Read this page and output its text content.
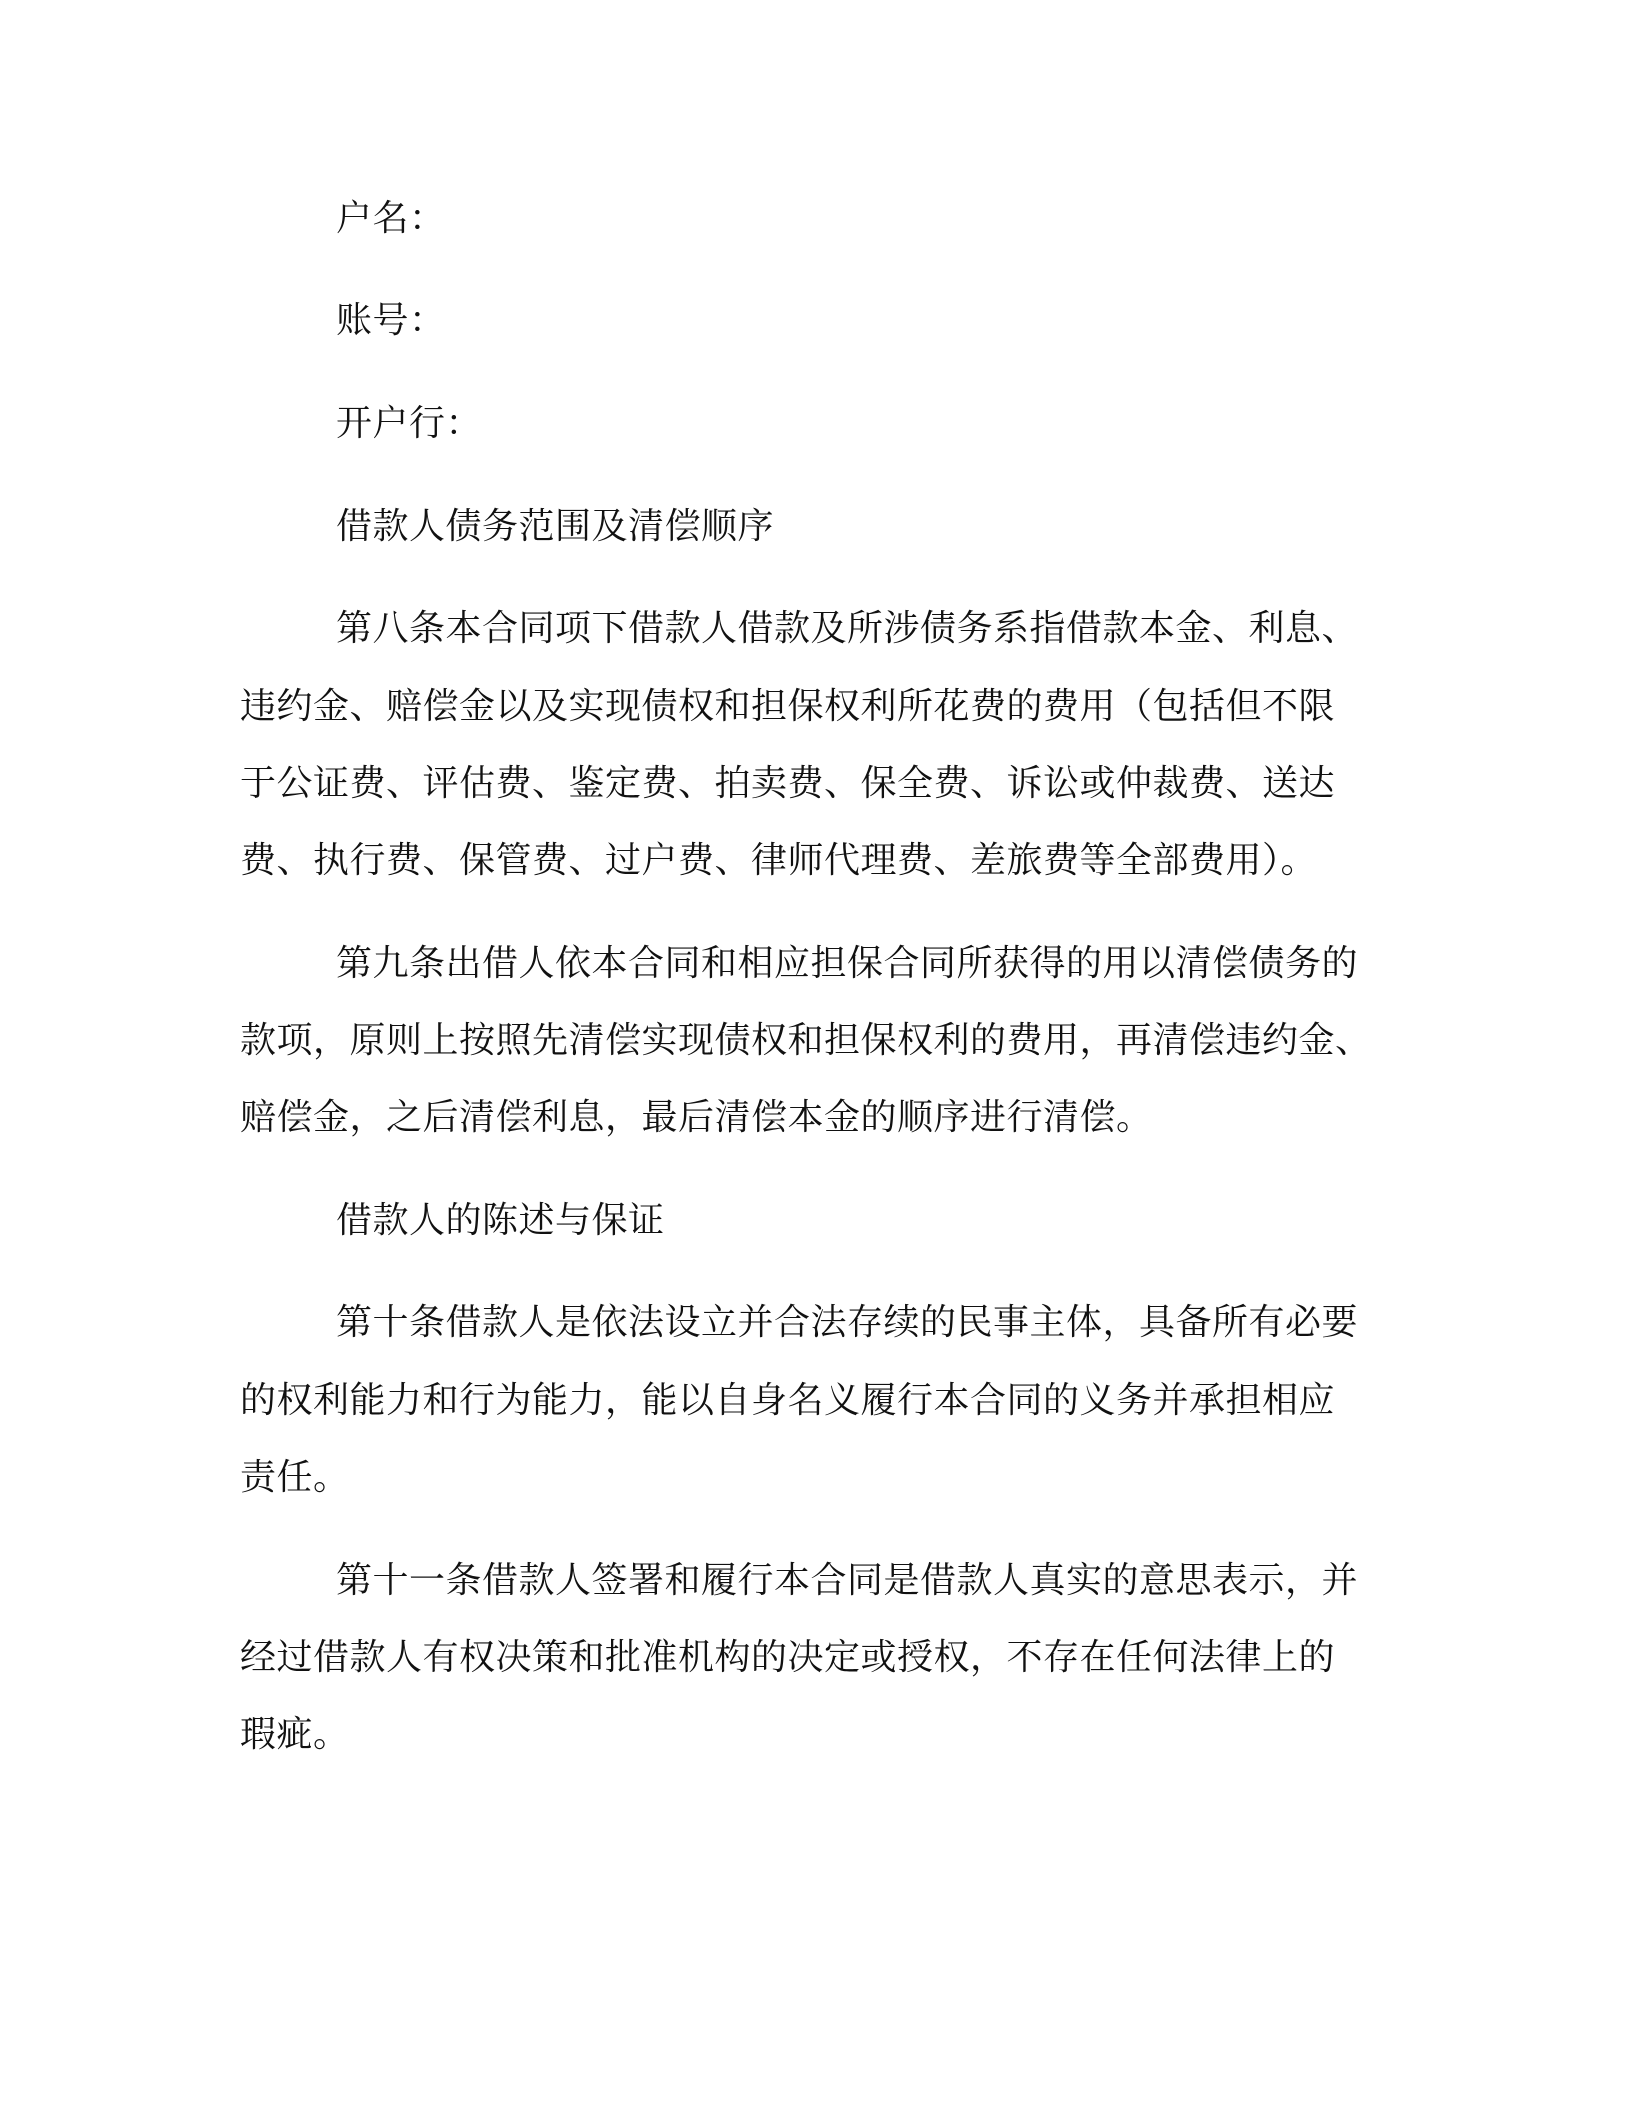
户名：
账号：
开户行：
借款人债务范围及清偿顺序
第八条本合同项下借款人借款及所涉债务系指借款本金、利息、
违约金、赔偿金以及实现债权和担保权利所花费的费用（包括但不限
于公证费、评估费、鉴定费、拍卖费、保全费、诉讼或仲裁费、送达
费、执行费、保管费、过户费、律师代理费、差旅费等全部费用）。
第九条出借人依本合同和相应担保合同所获得的用以清偿债务的
款项，原则上按照先清偿实现债权和担保权利的费用，再清偿违约金、
赔偿金，之后清偿利息，最后清偿本金的顺序进行清偿。
借款人的陈述与保证
第十条借款人是依法设立并合法存续的民事主体，具备所有必要
的权利能力和行为能力，能以自身名义履行本合同的义务并承担相应
责任。
第十一条借款人签署和履行本合同是借款人真实的意思表示，并
经过借款人有权决策和批准机构的决定或授权，不存在任何法律上的
瑕疵。
